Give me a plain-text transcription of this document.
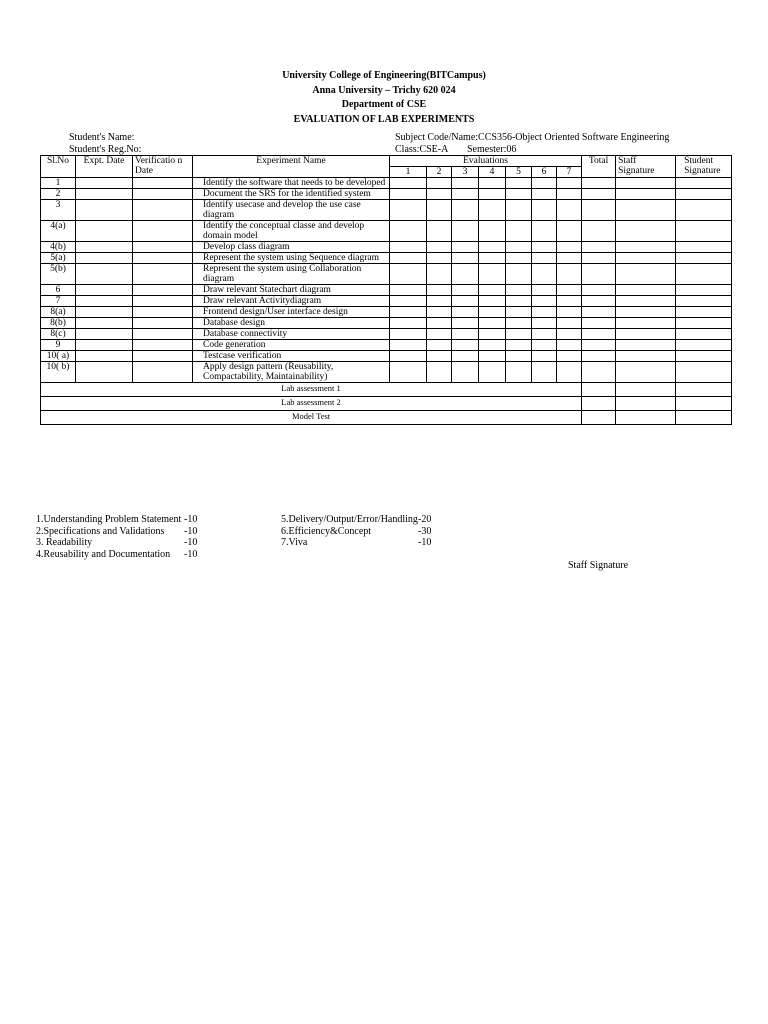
University College of Engineering(BITCampus)
Anna University – Trichy 620 024
Department of CSE
EVALUATION OF LAB EXPERIMENTS
Student's Name:
Student's Reg.No:
Subject Code/Name:CCS356-Object Oriented Software Engineering
Class:CSE-A Semester:06
Sl.No	Expt. Date	Verificatio n Date	Experiment Name	Evaluations							Total	Staff Signature	Student Signature
				1	2	3	4	5	6	7			
1			Identify the software that needs to be developed										
2			Document the SRS for the identified system										
3			Identify usecase and develop the use case diagram										
4(a)			Identify the conceptual classe and develop domain model										
4(b)			Develop class diagram										
5(a)			Represent the system using Sequence diagram										
5(b)			Represent the system using Collaboration diagram										
6			Draw relevant Statechart diagram										
7			Draw relevant Activitydiagram										
8(a)			Frontend design/User interface design										
8(b)			Database design										
8(c)			Database connectivity										
9			Code generation										
10( a)			Testcase verification										
10( b)			Apply design pattern (Reusability, Compactability, Maintainability)										
Lab assessment 1													
Lab assessment 2													
Model Test													
1.Understanding Problem Statement -10
2.Specifications and Validations -10
3. Readability	-10
4.Reusability and Documentation -10
5.Delivery/Output/Error/Handling -20
6.Efficiency&Concept	-30
7.Viva	-10
Staff Signature
